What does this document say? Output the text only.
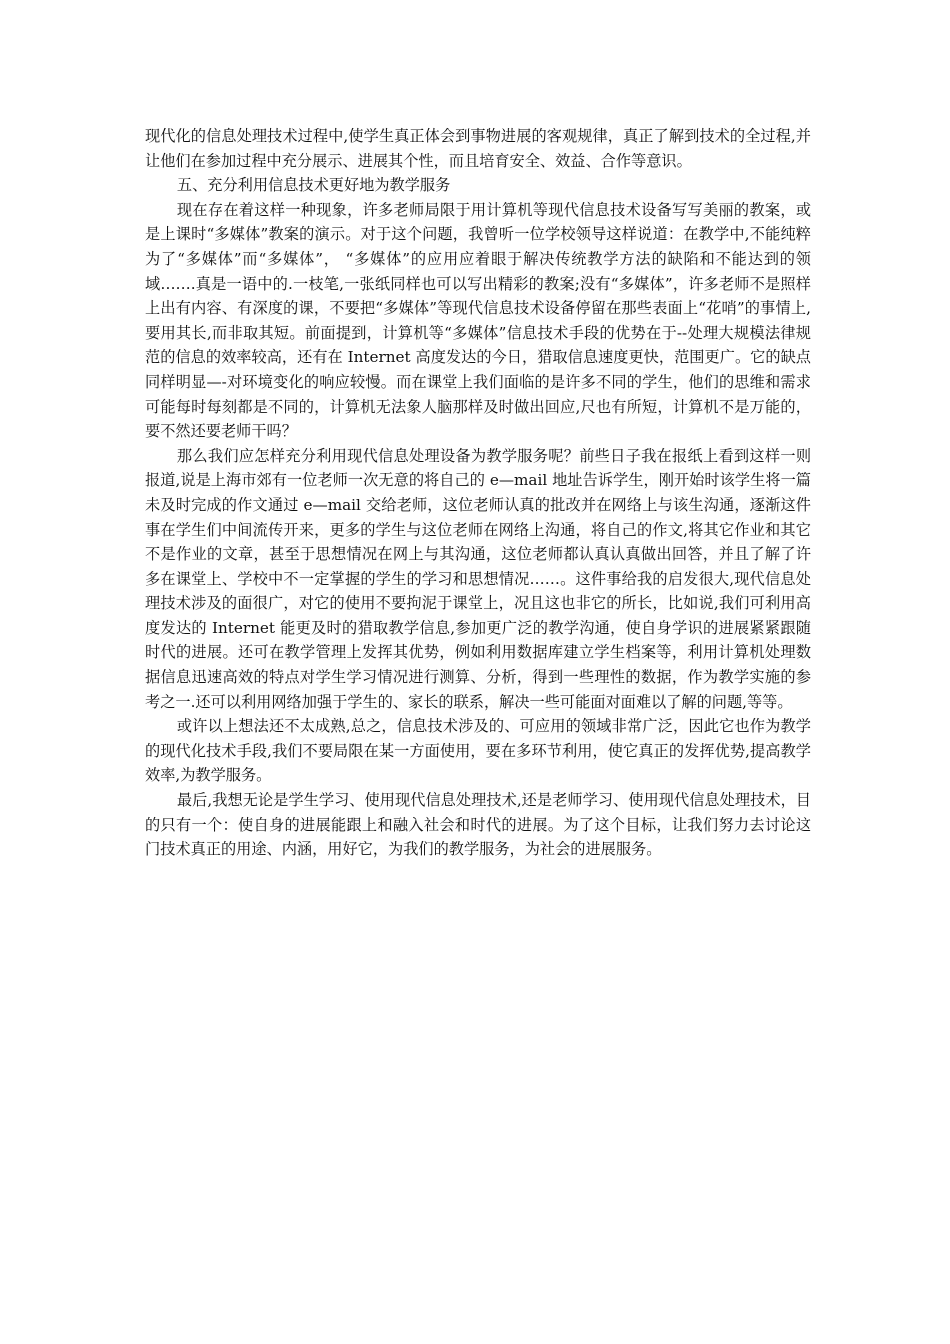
现代化的信息处理技术过程中,使学生真正体会到事物进展的客观规律，真正了解到技术的全过程,并让他们在参加过程中充分展示、进展其个性，而且培育安全、效益、合作等意识。

五、充分利用信息技术更好地为教学服务

现在存在着这样一种现象，许多老师局限于用计算机等现代信息技术设备写写美丽的教案，或是上课时“多媒体”教案的演示。对于这个问题，我曾听一位学校领导这样说道：在教学中,不能纯粹为了“多媒体”而“多媒体”， “多媒体”的应用应着眼于解决传统教学方法的缺陷和不能达到的领域…….真是一语中的.一枝笔,一张纸同样也可以写出精彩的教案;没有“多媒体”，许多老师不是照样上出有内容、有深度的课，不要把“多媒体”等现代信息技术设备停留在那些表面上“花哨”的事情上,要用其长,而非取其短。前面提到，计算机等“多媒体”信息技术手段的优势在于--处理大规模法律规范的信息的效率较高，还有在 Internet 高度发达的今日，猎取信息速度更快，范围更广。它的缺点同样明显—-对环境变化的响应较慢。而在课堂上我们面临的是许多不同的学生，他们的思维和需求可能每时每刻都是不同的，计算机无法象人脑那样及时做出回应,尺也有所短，计算机不是万能的，要不然还要老师干吗？

那么我们应怎样充分利用现代信息处理设备为教学服务呢？前些日子我在报纸上看到这样一则报道,说是上海市郊有一位老师一次无意的将自己的 e—mail 地址告诉学生，刚开始时该学生将一篇未及时完成的作文通过 e—mail 交给老师，这位老师认真的批改并在网络上与该生沟通，逐渐这件事在学生们中间流传开来，更多的学生与这位老师在网络上沟通，将自己的作文,将其它作业和其它不是作业的文章，甚至于思想情况在网上与其沟通，这位老师都认真认真做出回答，并且了解了许多在课堂上、学校中不一定掌握的学生的学习和思想情况……。这件事给我的启发很大,现代信息处理技术涉及的面很广，对它的使用不要拘泥于课堂上，况且这也非它的所长，比如说,我们可利用高度发达的 Internet 能更及时的猎取教学信息,参加更广泛的教学沟通，使自身学识的进展紧紧跟随时代的进展。还可在教学管理上发挥其优势，例如利用数据库建立学生档案等，利用计算机处理数据信息迅速高效的特点对学生学习情况进行测算、分析，得到一些理性的数据，作为教学实施的参考之一.还可以利用网络加强于学生的、家长的联系，解决一些可能面对面难以了解的问题,等等。

或许以上想法还不太成熟,总之，信息技术涉及的、可应用的领域非常广泛，因此它也作为教学的现代化技术手段,我们不要局限在某一方面使用，要在多环节利用，使它真正的发挥优势,提高教学效率,为教学服务。

最后,我想无论是学生学习、使用现代信息处理技术,还是老师学习、使用现代信息处理技术，目的只有一个：使自身的进展能跟上和融入社会和时代的进展。为了这个目标，让我们努力去讨论这门技术真正的用途、内涵，用好它，为我们的教学服务，为社会的进展服务。
